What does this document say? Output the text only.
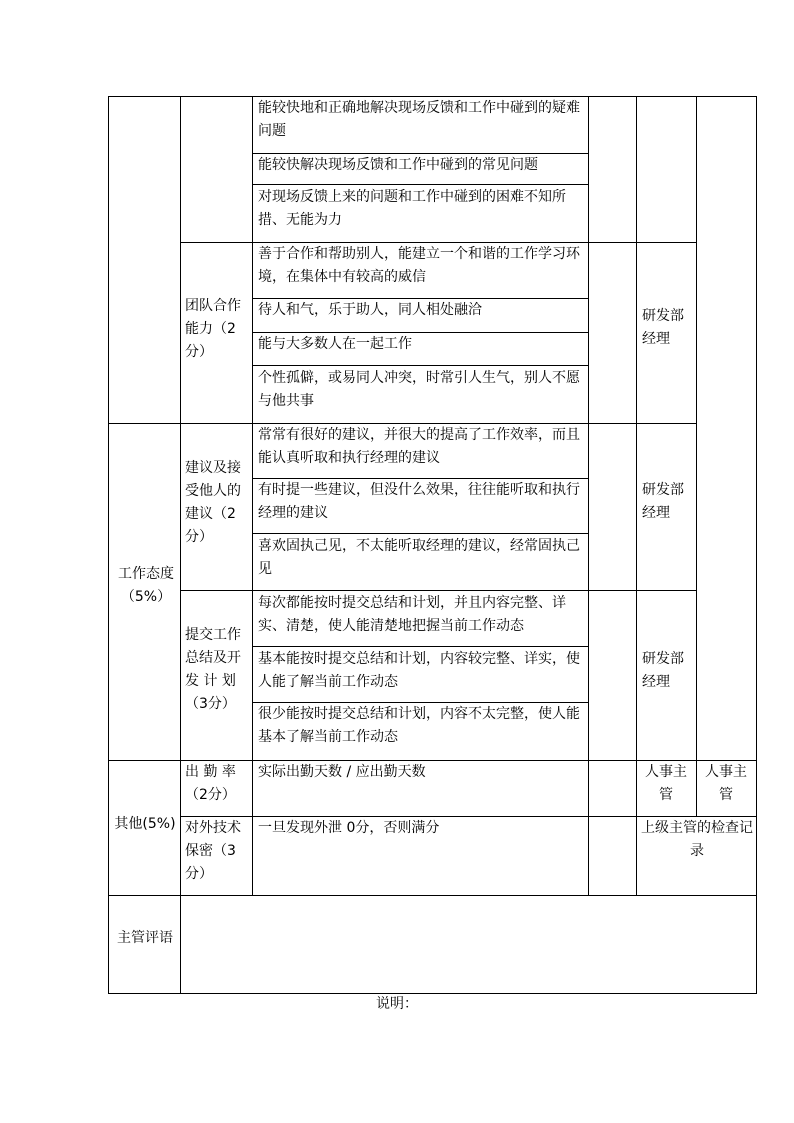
能较快地和正确地解决现场反馈和工作中碰到的疑难问题
能较快解决现场反馈和工作中碰到的常见问题
对现场反馈上来的问题和工作中碰到的困难不知所措、无能为力
团队合作能力（2分）
善于合作和帮助别人，能建立一个和谐的工作学习环境，在集体中有较高的威信
待人和气，乐于助人，同人相处融洽
能与大多数人在一起工作
个性孤僻，或易同人冲突，时常引人生气，别人不愿与他共事
研发部经理
工作态度（5%）
建议及接受他人的建议（2分）
常常有很好的建议，并很大的提高了工作效率，而且能认真听取和执行经理的建议
有时提一些建议，但没什么效果，往往能听取和执行经理的建议
喜欢固执己见，不太能听取经理的建议，经常固执己见
研发部经理
提交工作总结及开发 计 划（3分）
每次都能按时提交总结和计划，并且内容完整、详实、清楚，使人能清楚地把握当前工作动态
基本能按时提交总结和计划，内容较完整、详实，使人能了解当前工作动态
很少能按时提交总结和计划，内容不太完整，使人能基本了解当前工作动态
研发部经理
其他(5%)
出 勤 率（2分）
实际出勤天数 / 应出勤天数	人事主管
人事主管
对外技术保密（3分）
一旦发现外泄 0分，否则满分	上级主管的检查记录
主管评语
说明：
